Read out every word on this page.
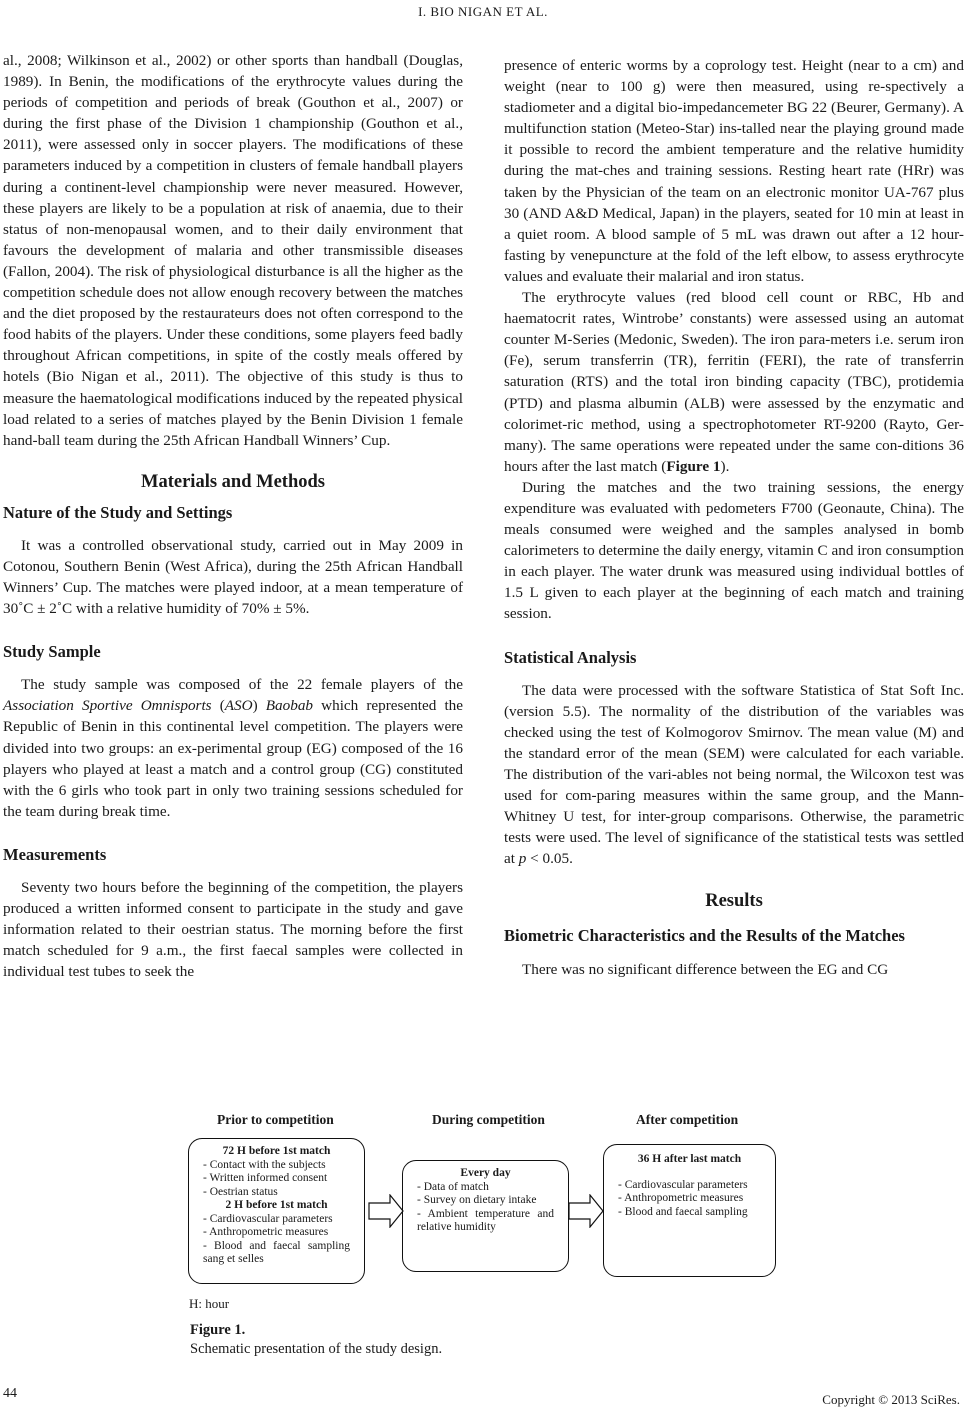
I. BIO NIGAN ET AL.

al., 2008; Wilkinson et al., 2002) or other sports than handball (Douglas, 1989). In Benin, the modifications of the erythrocyte values during the periods of competition and periods of break (Gouthon et al., 2007) or during the first phase of the Division 1 championship (Gouthon et al., 2011), were assessed only in soccer players. The modifications of these parameters induced by a competition in clusters of female handball players during a continent-level championship were never measured. However, these players are likely to be a population at risk of anaemia, due to their status of non-menopausal women, and to their daily environment that favours the development of malaria and other transmissible diseases (Fallon, 2004). The risk of physiological disturbance is all the higher as the competition schedule does not allow enough recovery between the matches and the diet proposed by the restaurateurs does not often correspond to the food habits of the players. Under these conditions, some players feed badly throughout African competitions, in spite of the costly meals offered by hotels (Bio Nigan et al., 2011). The objective of this study is thus to measure the haematological modifications induced by the repeated physical load related to a series of matches played by the Benin Division 1 female hand-ball team during the 25th African Handball Winners’ Cup.

Materials and Methods
Nature of the Study and Settings

It was a controlled observational study, carried out in May 2009 in Cotonou, Southern Benin (West Africa), during the 25th African Handball Winners’ Cup. The matches were played indoor, at a mean temperature of 30˚C ± 2˚C with a relative humidity of 70% ± 5%.

Study Sample

The study sample was composed of the 22 female players of the Association Sportive Omnisports (ASO) Baobab which represented the Republic of Benin in this continental level competition. The players were divided into two groups: an ex-perimental group (EG) composed of the 16 players who played at least a match and a control group (CG) constituted with the 6 girls who took part in only two training sessions scheduled for the team during break time.

Measurements

Seventy two hours before the beginning of the competition, the players produced a written informed consent to participate in the study and gave information related to their oestrian status. The morning before the first match scheduled for 9 a.m., the first faecal samples were collected in individual test tubes to seek the

presence of enteric worms by a coprology test. Height (near to a cm) and weight (near to 100 g) were then measured, using re-spectively a stadiometer and a digital bio-impedancemeter BG 22 (Beurer, Germany). A multifunction station (Meteo-Star) ins-talled near the playing ground made it possible to record the ambient temperature and the relative humidity during the mat-ches and training sessions. Resting heart rate (HRr) was taken by the Physician of the team on an electronic monitor UA-767 plus 30 (AND A&D Medical, Japan) in the players, seated for 10 min at least in a quiet room. A blood sample of 5 mL was drawn out after a 12 hour-fasting by venepuncture at the fold of the left elbow, to assess erythrocyte values and evaluate their malarial and iron status.

The erythrocyte values (red blood cell count or RBC, Hb and haematocrit rates, Wintrobe’ constants) were assessed using an automat counter M-Series (Medonic, Sweden). The iron para-meters i.e. serum iron (Fe), serum transferrin (TR), ferritin (FERI), the rate of transferrin saturation (RTS) and the total iron binding capacity (TBC), protidemia (PTD) and plasma albumin (ALB) were assessed by the enzymatic and colorimet-ric method, using a spectrophotometer RT-9200 (Rayto, Ger-many). The same operations were repeated under the same con-ditions 36 hours after the last match (Figure 1).

During the matches and the two training sessions, the energy expenditure was evaluated with pedometers F700 (Geonaute, China). The meals consumed were weighed and the samples analysed in bomb calorimeters to determine the daily energy, vitamin C and iron consumption in each player. The water drunk was measured using individual bottles of 1.5 L given to each player at the beginning of each match and training session.

Statistical Analysis

The data were processed with the software Statistica of Stat Soft Inc. (version 5.5). The normality of the distribution of the variables was checked using the test of Kolmogorov Smirnov. The mean value (M) and the standard error of the mean (SEM) were calculated for each variable. The distribution of the vari-ables not being normal, the Wilcoxon test was used for com-paring measures within the same group, and the Mann-Whitney U test, for inter-group comparisons. Otherwise, the parametric tests were used. The level of significance of the statistical tests was settled at p < 0.05.

Results
Biometric Characteristics and the Results of the Matches

There was no significant difference between the EG and CG

Prior to competition	During competition	After competition
72 H before 1st match
- Contact with the subjects
- Written informed consent
- Oestrian status
2 H before 1st match
- Cardiovascular parameters
- Anthropometric measures
- Blood and faecal sampling sang et selles
Every day
- Data of match
- Survey on dietary intake
- Ambient temperature and relative humidity
36 H after last match
- Cardiovascular parameters
- Anthropometric measures
- Blood and faecal sampling
H: hour
Figure 1.
Schematic presentation of the study design.
44	Copyright © 2013 SciRes.
